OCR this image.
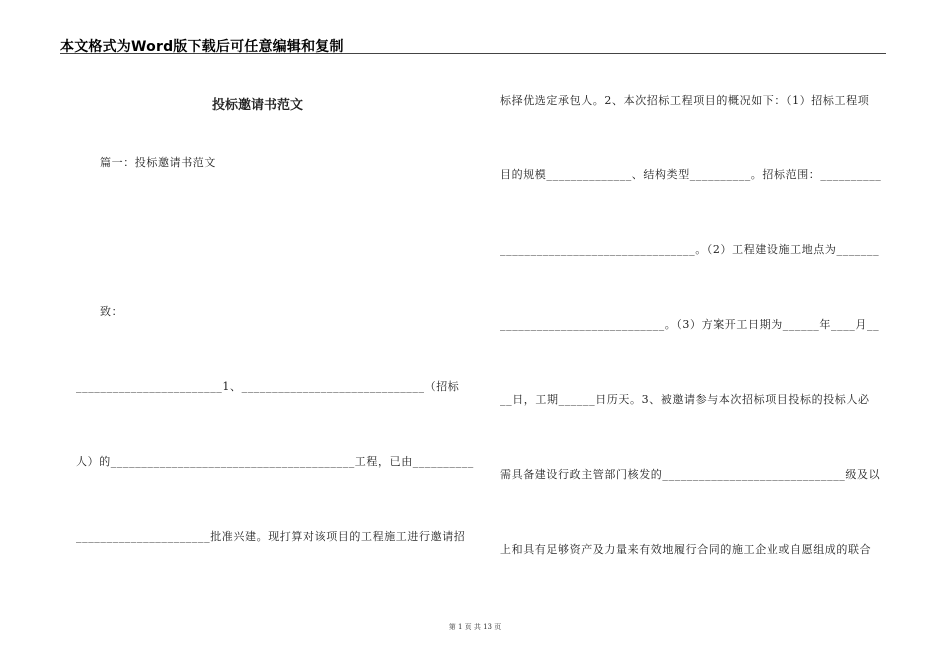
本文格式为Word版下载后可任意编辑和复制
投标邀请书范文
篇一：投标邀请书范文
致：
________________________1、______________________________（招标
人）的________________________________________工程，已由__________
______________________批准兴建。现打算对该项目的工程施工进行邀请招
标择优选定承包人。2、本次招标工程项目的概况如下：（1）招标工程项
目的规模______________、结构类型__________。招标范围：__________
________________________________。（2）工程建设施工地点为_______
___________________________。（3）方案开工日期为______年____月__
__日，工期______日历天。3、被邀请参与本次招标项目投标的投标人必
需具备建设行政主管部门核发的______________________________级及以
上和具有足够资产及力量来有效地履行合同的施工企业或自愿组成的联合
第 1 页 共 13 页
